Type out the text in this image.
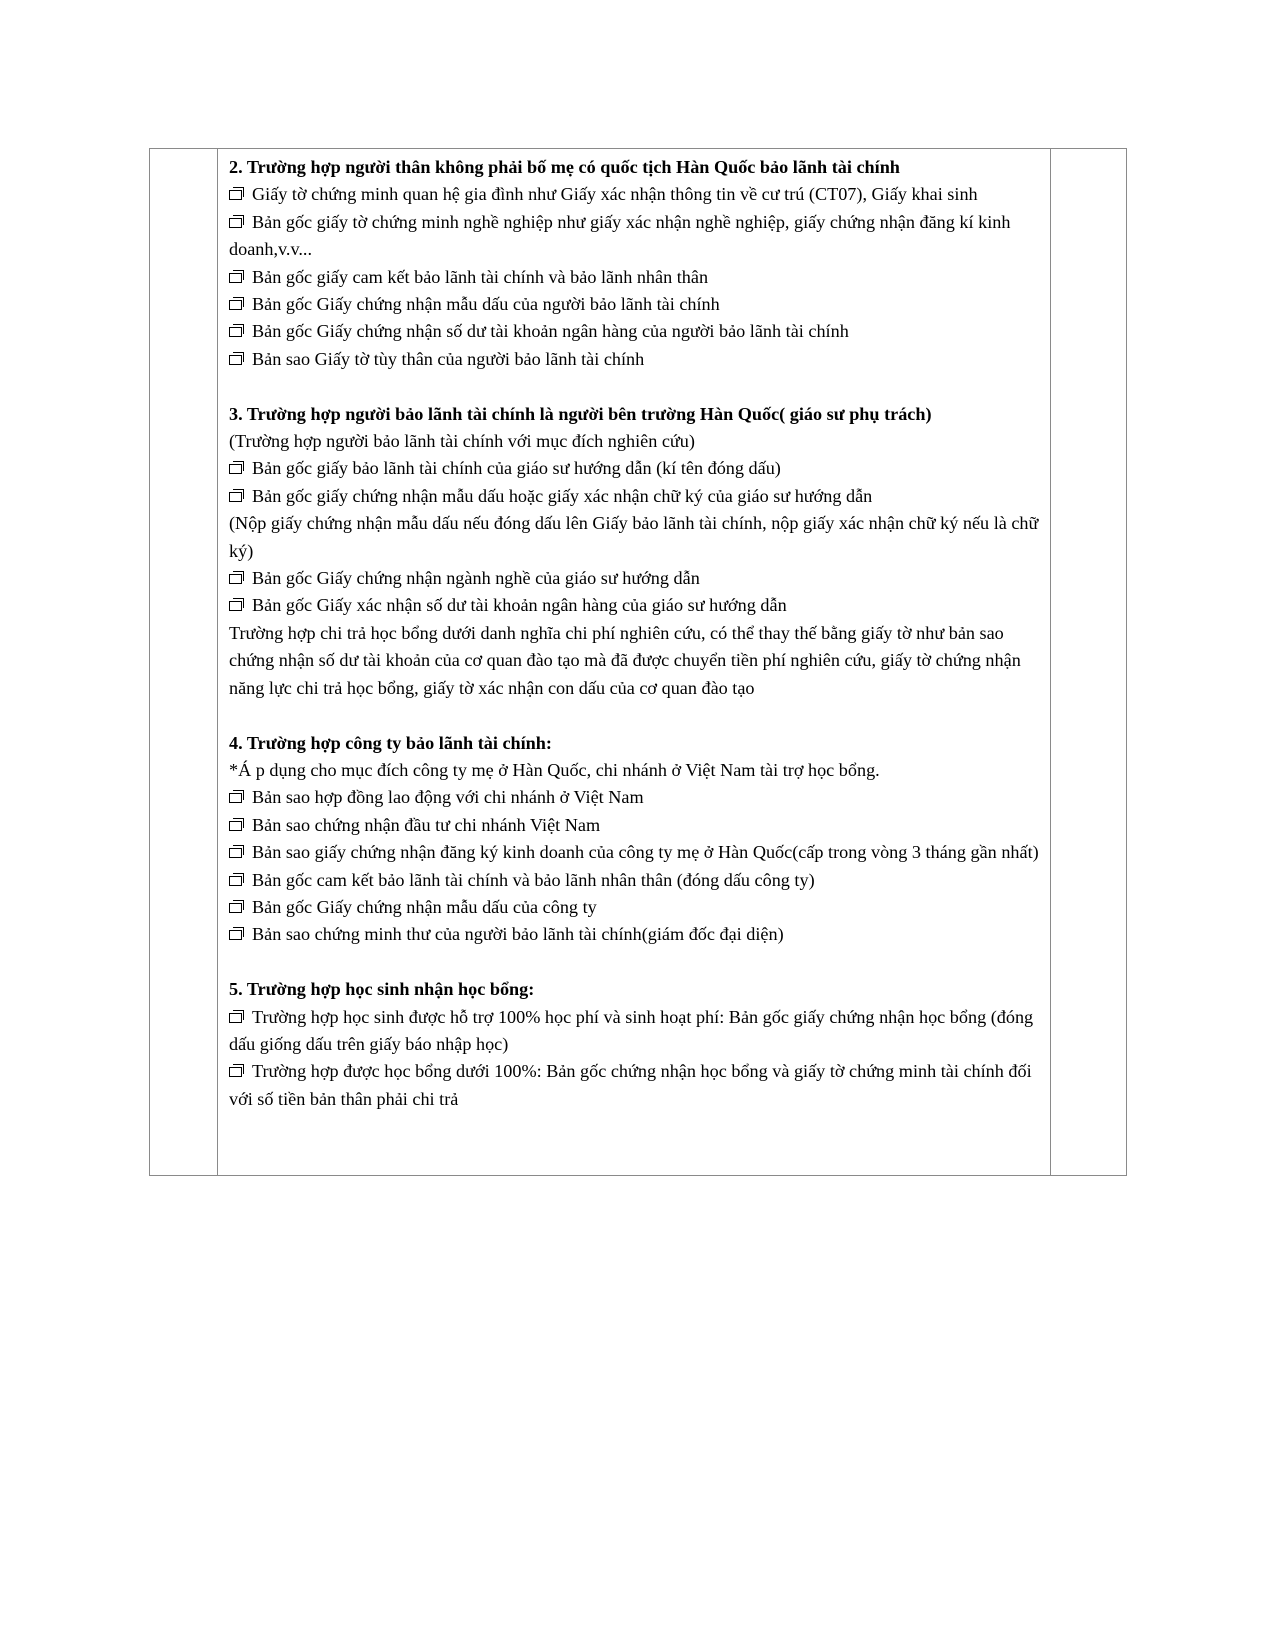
2. Trường hợp người thân không phải bố mẹ có quốc tịch Hàn Quốc bảo lãnh tài chính

Giấy tờ chứng minh quan hệ gia đình như Giấy xác nhận thông tin về cư trú (CT07), Giấy khai sinh

Bản gốc giấy tờ chứng minh nghề nghiệp như giấy xác nhận nghề nghiệp, giấy chứng nhận đăng kí kinh doanh,v.v...

Bản gốc giấy cam kết bảo lãnh tài chính và bảo lãnh nhân thân

Bản gốc Giấy chứng nhận mẫu dấu của người bảo lãnh tài chính

Bản gốc Giấy chứng nhận số dư tài khoản ngân hàng của người bảo lãnh tài chính

Bản sao Giấy tờ tùy thân của người bảo lãnh tài chính

3. Trường hợp người bảo lãnh tài chính là người bên trường Hàn Quốc( giáo sư phụ trách)

(Trường hợp người bảo lãnh tài chính với mục đích nghiên cứu)

Bản gốc giấy bảo lãnh tài chính của giáo sư hướng dẫn (kí tên đóng dấu)

Bản gốc giấy chứng nhận mẫu dấu hoặc giấy xác nhận chữ ký của giáo sư hướng dẫn

(Nộp giấy chứng nhận mẫu dấu nếu đóng dấu lên Giấy bảo lãnh tài chính, nộp giấy xác nhận chữ ký nếu là chữ ký)

Bản gốc Giấy chứng nhận ngành nghề của giáo sư hướng dẫn

Bản gốc Giấy xác nhận số dư tài khoản ngân hàng của giáo sư hướng dẫn

Trường hợp chi trả học bổng dưới danh nghĩa chi phí nghiên cứu, có thể thay thế bằng giấy tờ như bản sao chứng nhận số dư tài khoản của cơ quan đào tạo mà đã được chuyển tiền phí nghiên cứu, giấy tờ chứng nhận năng lực chi trả học bổng, giấy tờ xác nhận con dấu của cơ quan đào tạo

4. Trường hợp công ty bảo lãnh tài chính:

*Á p dụng cho mục đích công ty mẹ ở Hàn Quốc, chi nhánh ở Việt Nam tài trợ học bổng.

Bản sao hợp đồng lao động với chi nhánh ở Việt Nam

Bản sao chứng nhận đầu tư chi nhánh Việt Nam

Bản sao giấy chứng nhận đăng ký kinh doanh của công ty mẹ ở Hàn Quốc(cấp trong vòng 3 tháng gần nhất)

Bản gốc cam kết bảo lãnh tài chính và bảo lãnh nhân thân (đóng dấu công ty)

Bản gốc Giấy chứng nhận mẫu dấu của công ty

Bản sao chứng minh thư của người bảo lãnh tài chính(giám đốc đại diện)

5. Trường hợp học sinh nhận học bổng:

Trường hợp học sinh được hỗ trợ 100% học phí và sinh hoạt phí: Bản gốc giấy chứng nhận học bổng (đóng dấu giống dấu trên giấy báo nhập học)

Trường hợp được học bổng dưới 100%: Bản gốc chứng nhận học bổng và giấy tờ chứng minh tài chính đối với số tiền bản thân phải chi trả
